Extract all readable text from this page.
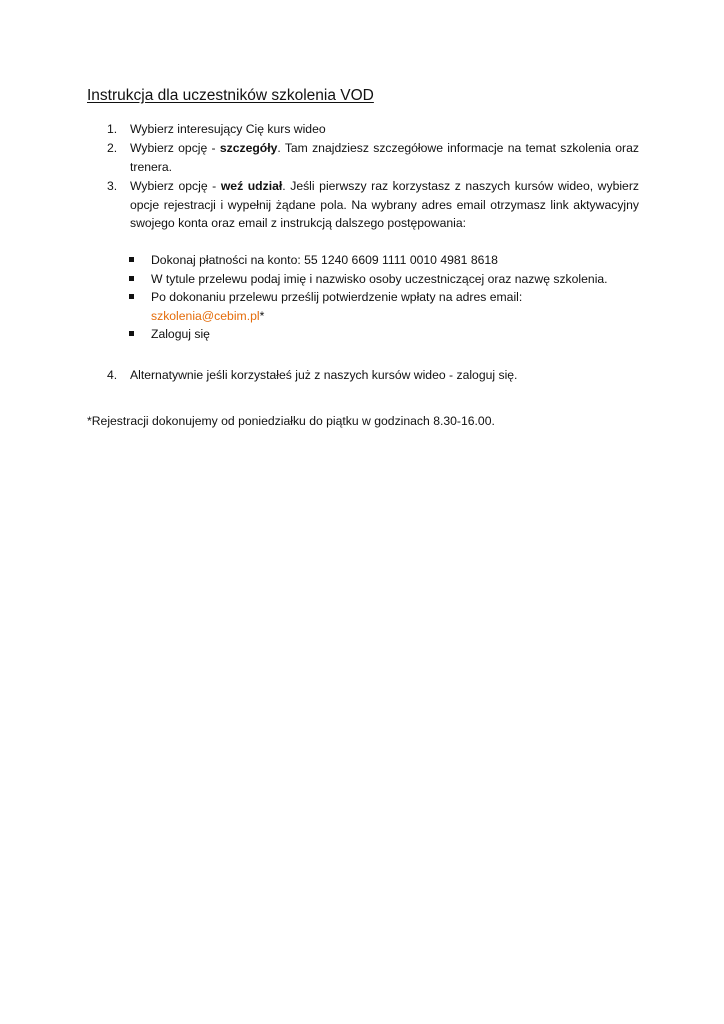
Instrukcja dla uczestników szkolenia VOD
1. Wybierz interesujący Cię kurs wideo
2. Wybierz opcję - szczegóły. Tam znajdziesz szczegółowe informacje na temat szkolenia oraz
trenera.
3. Wybierz opcję - weź udział. Jeśli pierwszy raz korzystasz z naszych kursów wideo, wybierz
opcje rejestracji i wypełnij żądane pola. Na wybrany adres email otrzymasz link aktywacyjny
swojego konta oraz email z instrukcją dalszego postępowania:
Dokonaj płatności na konto: 55 1240 6609 1111 0010 4981 8618
W tytule przelewu podaj imię i nazwisko osoby uczestniczącej oraz nazwę szkolenia.
Po dokonaniu przelewu prześlij potwierdzenie wpłaty na adres email:
szkolenia@cebim.pl*
Zaloguj się
4. Alternatywnie jeśli korzystałeś już z naszych kursów wideo - zaloguj się.
*Rejestracji dokonujemy od poniedziałku do piątku w godzinach 8.30-16.00.
